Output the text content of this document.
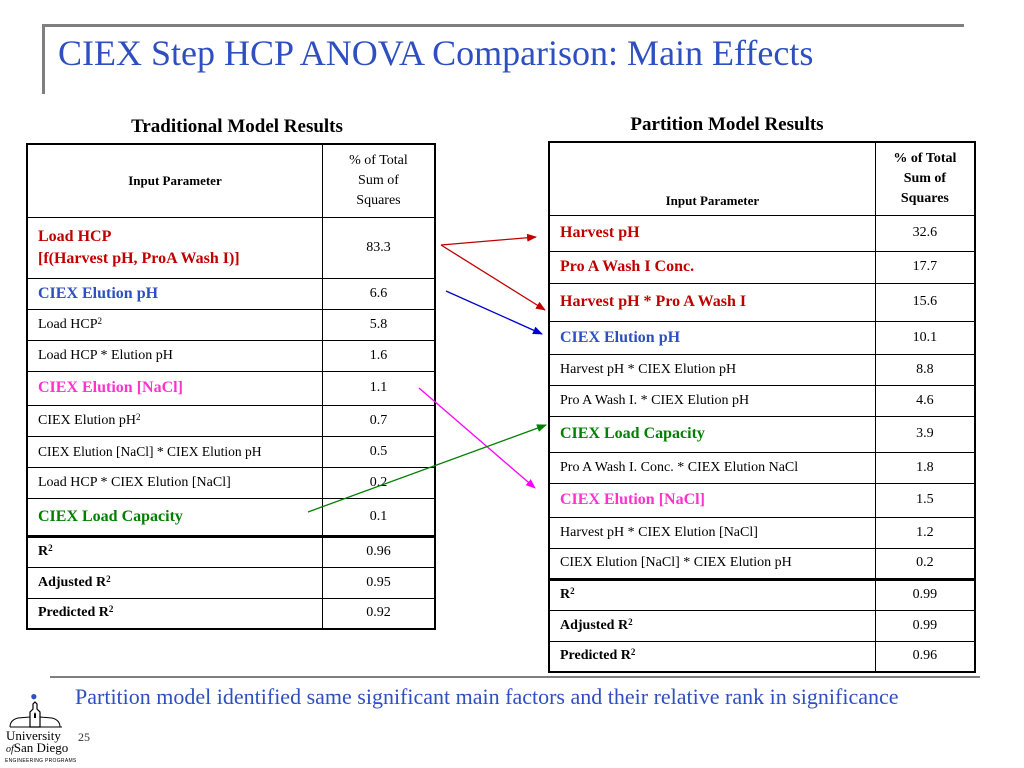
CIEX Step HCP ANOVA Comparison: Main Effects
Traditional Model Results	Partition Model Results
Input Parameter	% of Total
Sum of
Squares
Load HCP
[f(Harvest pH, ProA Wash I)]	83.3
CIEX Elution pH	6.6
Load HCP$^2$	5.8
Load HCP * Elution pH	1.6
CIEX Elution [NaCl]	1.1
CIEX Elution $pH^2$	0.7
CIEX Elution [NaCl] * CIEX Elution pH	0.5
Load HCP * CIEX Elution [NaCl]	0.2
CIEX Load Capacity	0.1
$R^2$	0.96
Adjusted $R^2$	0.95
Predicted $R^2$	0.92
Input Parameter	% of Total
Sum of
Squares
Harvest pH	32.6
Pro A Wash I Conc.	17.7
Harvest pH * Pro A Wash I	15.6
CIEX Elution pH	10.1
Harvest pH * CIEX Elution pH	8.8
Pro A Wash I. * CIEX Elution pH	4.6
CIEX Load Capacity	3.9
Pro A Wash I. Conc. * CIEX Elution NaCl	1.8
CIEX Elution [NaCl]	1.5
Harvest pH * CIEX Elution [NaCl]	1.2
CIEX Elution [NaCl] * CIEX Elution pH	0.2
$R^2$	0.99
Adjusted $R^2$	0.99
Predicted $R^2$	0.96
• Partition model identified same significant main factors and their relative rank in significance
University
ofSan Diego
ENGINEERING PROGRAMS
25
